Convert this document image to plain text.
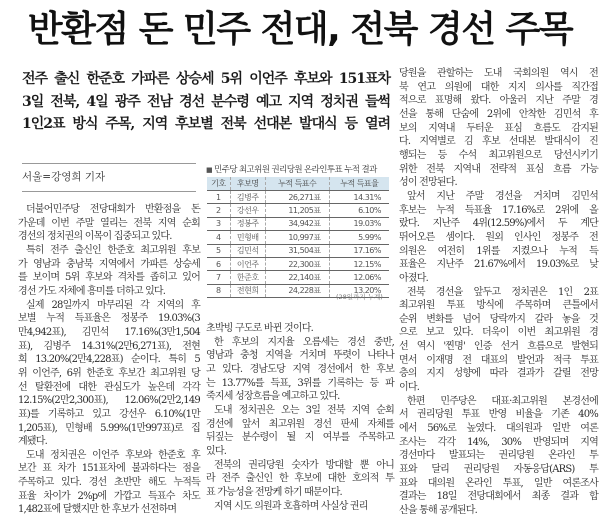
반환점 돈 민주 전대, 전북 경선 주목
전주 출신 한준호 가파른 상승세 5위 이언주 후보와 151표차
3일 전북, 4일 광주 전남 경선 분수령 예고 지역 정치권 들썩
1인2표 방식 주목, 지역 후보별 전북 선대본 발대식 등 열려
서울=강영희 기자
■ 민주당 최고위원 권리당원 온라인투표 누적 결과
기호	후보명	누적 득표수	누적 득표율
1	김병주	26,271표	14.31%
2	강선우	11,205표	6.10%
3	정봉주	34,942표	19.03%
4	민형배	10,997표	5.99%
5	김민석	31,504표	17.16%
6	이언주	22,300표	12.15%
7	한준호	22,140표	12.06%
8	전현희	24,228표	13.20%
(28일까지 누계)
더불어민주당 전당대회가 반환점을 돈
가운데 이번 주말 열리는 전북 지역 순회
경선의 정치권의 이목이 집중되고 있다.
특히 전주 출신인 한준호 최고위원 후보
가 영남과 충남북 지역에서 가파른 상승세
를 보이며 5위 후보와 격차를 좁히고 있어
경선 가도 자체에 흥미를 더하고 있다.
실제 28일까지 마무리된 각 지역의 후
보별 누적 득표율은 정봉주 19.03%(3
만4,942표), 김민석 17.16%(3만1,504
표), 김병주 14.31%(2만6,271표), 전현
희 13.20%(2만4,228표) 순이다. 특히 5
위 이언주, 6위 한준호 후보간 최고위원 당
선 탈환전에 대한 관심도가 높은데 각각
12.15%(2만2,300표), 12.06%(2만2,149
표)를 기록하고 있고 강선우 6.10%(1만
1,205표), 민형배 5.99%(1만997표)로 집
계됐다.
도내 정치권은 이언주 후보와 한준호 후
보간 표 차가 151표차에 불과하다는 점을
주목하고 있다. 경선 초반만 해도 누적득
표율 차이가 2%p에 가깝고 득표수 차도
1,482표에 달했지만 한 후보가 선전하며
초박빙 구도로 바뀐 것이다.
한 후보의 지지율 오름세는 경선 중반,
영남과 충청 지역을 거치며 뚜렷이 나타나
고 있다. 경남도당 지역 경선에서 한 후보
는 13.77%를 득표, 3위를 기록하는 등 파
죽지세 성장흐름을 예고하고 있다.
도내 정치권은 오는 3일 전북 지역 순회
경선에 앞서 최고위원 경선 판세 자체를
뒤짚는 분수령이 될 지 여부를 주목하고
있다.
전북의 권리당원 숫자가 방대할 뿐 아니
라 전주 출신인 한 후보에 대한 호의적 투
표 가능성을 전망케 하기 때문이다.
지역 시도 의원과 호흡하며 사실상 권리
당원을 관할하는 도내 국회의원 역시 전
북 연고 의원에 대한 지지 의사를 직간접
적으로 표명해 왔다. 아울러 지난 주말 경
선을 통해 단숨에 2위에 안착한 김민석 후
보의 지역내 두터운 표심 흐름도 감지된
다. 지역별로 김 후보 선대본 발대식이 진
행되는 등 수석 최고위원으로 당선시키기
위한 전북 지역내 전략적 표심 흐름 가능
성이 전망된다.
앞서 지난 주말 경선을 거치며 김민석
후보는 누적 득표율 17.16%로 2위에 올
랐다. 지난주 4위(12.59%)에서 두 계단
뛰어오른 셈이다. 원외 인사인 정봉주 전
의원은 여전히 1위를 지켰으나 누적 득
표율은 지난주 21.67%에서 19.03%로 낮
아졌다.
전북 경선을 앞두고 정치권은 1인 2표
최고위원 투표 방식에 주목하며 큰틀에서
순위 변화를 넘어 당락까지 갈라 놓을 것
으로 보고 있다. 더욱이 이번 최고위원 경
선 역시 '찐명' 인증 선거 흐름으로 발현되
면서 이재명 전 대표의 발언과 적극 투표
층의 지지 성향에 따라 결과가 갈릴 전망
이다.
한편 민주당은 대표·최고위원 본경선에
서 권리당원 투표 반영 비율을 기존 40%
에서 56%로 높였다. 대의원과 일반 여론
조사는 각각 14%, 30% 반영되며 지역
경선마다 발표되는 권리당원 온라인 투
표와 달리 권리당원 자동응답(ARS) 투
표와 대의원 온라인 투표, 일반 여론조사
결과는 18일 전당대회에서 최종 결과 합
산을 통해 공개된다.
